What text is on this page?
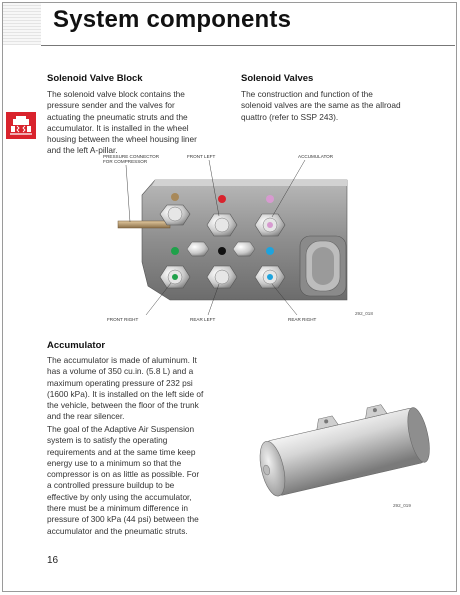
System components
Solenoid Valve Block

The solenoid valve block contains the
pressure sender and the valves for
actuating the pneumatic struts and the
accumulator. It is installed in the wheel
housing between the wheel housing liner
and the left A-pillar.

Solenoid Valves

The construction and function of the
solenoid valves are the same as the allroad
quattro (refer to SSP 243).

PRESSURE CONNECTOR
FOR COMPRESSOR
FRONT LEFT	ACCUMULATOR
FRONT RIGHT	REAR LEFT	REAR RIGHT
292_018
Accumulator

The accumulator is made of aluminum. It
has a volume of 350 cu.in. (5.8 L) and a
maximum operating pressure of 232 psi
(1600 kPa). It is installed on the left side of
the vehicle, between the floor of the trunk
and the rear silencer.

The goal of the Adaptive Air Suspension
system is to satisfy the operating
requirements and at the same time keep
energy use to a minimum so that the
compressor is on as little as possible. For
a controlled pressure buildup to be
effective by only using the accumulator,
there must be a minimum difference in
pressure of 300 kPa (44 psi) between the
accumulator and the pneumatic struts.

292_019
16
